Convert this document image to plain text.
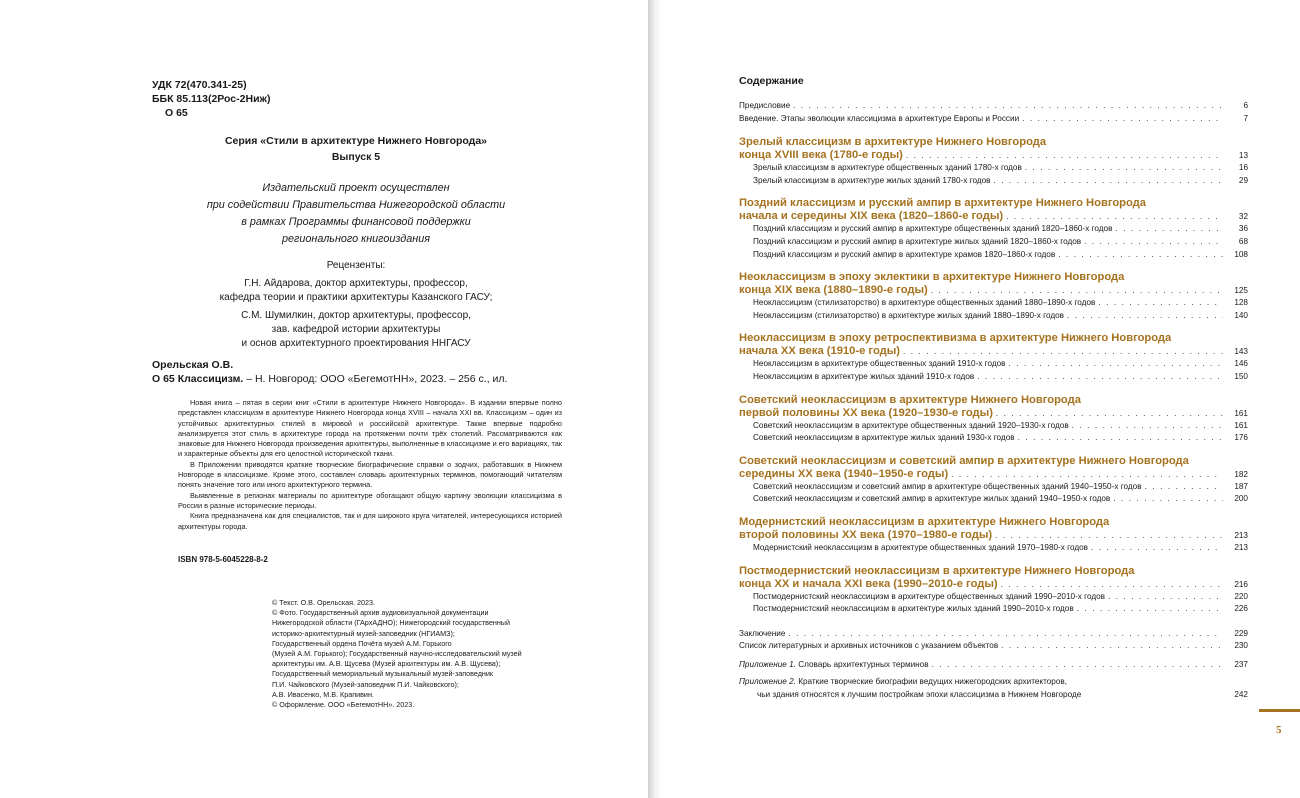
УДК 72(470.341-25)
ББК 85.113(2Рос-2Ниж)
О 65
Серия «Стили в архитектуре Нижнего Новгорода»
Выпуск 5
Издательский проект осуществлен
при содействии Правительства Нижегородской области
в рамках Программы финансовой поддержки
регионального книгоиздания
Рецензенты:
Г.Н. Айдарова, доктор архитектуры, профессор,
кафедра теории и практики архитектуры Казанского ГАСУ;
С.М. Шумилкин, доктор архитектуры, профессор,
зав. кафедрой истории архитектуры
и основ архитектурного проектирования ННГАСУ
Орельская О.В.
О 65 Классицизм. – Н. Новгород: ООО «БегемотНН», 2023. – 256 с., ил.

Новая книга – пятая в серии книг «Стили в архитектуре Нижнего Новгорода». В издании впервые полно представлен классицизм в архитектуре Нижнего Новгорода конца XVIII – начала XXI вв. Классицизм – один из устойчивых архитектурных стилей в мировой и российской архитектуре. Также впервые подробно анализируется этот стиль в архитектуре города на протяжении почти трёх столетий. Рассматриваются как знаковые для Нижнего Новгорода произведения архитектуры, выполненные в классицизме и его вариациях, так и характерные объекты для его целостной исторической ткани.

В Приложении приводятся краткие творческие биографические справки о зодчих, работавших в Нижнем Новгороде в классицизме. Кроме этого, составлен словарь архитектурных терминов, помогающий читателям понять значение того или иного архитектурного термина.

Выявленные в регионах материалы по архитектуре обогащают общую картину эволюции классицизма в России в разные исторические периоды.

Книга предназначена как для специалистов, так и для широкого круга читателей, интересующихся историей архитектуры города.

ISBN 978-5-6045228-8-2
© Текст. О.В. Орельская. 2023.
© Фото. Государственный архив аудиовизуальной документации
Нижегородской области (ГАрхАДНО); Нижегородский государственный
историко-архитектурный музей-заповедник (НГИАМЗ);
Государственный ордена Почёта музей А.М. Горького
(Музей А.М. Горького); Государственный научно-исследовательский музей
архитектуры им. А.В. Щусева (Музей архитектуры им. А.В. Щусева);
Государственный мемориальный музыкальный музей-заповедник
П.И. Чайковского (Музей-заповедник П.И. Чайковского);
А.В. Ивасенко, М.В. Крапивин.
© Оформление. ООО «БегемотНН». 2023.
Содержание
Предисловие . . .	6
Введение. Этапы эволюции классицизма в архитектуре Европы и России . . .	7
Зрелый классицизм в архитектуре Нижнего Новгорода
конца XVIII века (1780-е годы) . . .	13
Зрелый классицизм в архитектуре общественных зданий 1780-х годов . . .	16
Зрелый классицизм в архитектуре жилых зданий 1780-х годов . . .	29
Поздний классицизм и русский ампир в архитектуре Нижнего Новгорода
начала и середины XIX века (1820–1860-е годы) . . .	32
Поздний классицизм и русский ампир в архитектуре общественных зданий 1820–1860-х годов . . .	36
Поздний классицизм и русский ампир в архитектуре жилых зданий 1820–1860-х годов . . .	68
Поздний классицизм и русский ампир в архитектуре храмов 1820–1860-х годов . . .	108
Неоклассицизм в эпоху эклектики в архитектуре Нижнего Новгорода
конца XIX века (1880–1890-е годы) . . .	125
Неоклассицизм (стилизаторство) в архитектуре общественных зданий 1880–1890-х годов . . .	128
Неоклассицизм (стилизаторство) в архитектуре жилых зданий 1880–1890-х годов . . .	140
Неоклассицизм в эпоху ретроспективизма в архитектуре Нижнего Новгорода
начала XX века (1910-е годы) . . .	143
Неоклассицизм в архитектуре общественных зданий 1910-х годов . . .	146
Неоклассицизм в архитектуре жилых зданий 1910-х годов . . .	150
Советский неоклассицизм в архитектуре Нижнего Новгорода
первой половины XX века (1920–1930-е годы) . . .	161
Советский неоклассицизм в архитектуре общественных зданий 1920–1930-х годов . . .	161
Советский неоклассицизм в архитектуре жилых зданий 1930-х годов . . .	176
Советский неоклассицизм и советский ампир в архитектуре Нижнего Новгорода
середины XX века (1940–1950-е годы) . . .	182
Советский неоклассицизм и советский ампир в архитектуре общественных зданий 1940–1950-х годов . . .	187
Советский неоклассицизм и советский ампир в архитектуре жилых зданий 1940–1950-х годов . . .	200
Модернистский неоклассицизм в архитектуре Нижнего Новгорода
второй половины XX века (1970–1980-е годы) . . .	213
Модернистский неоклассицизм в архитектуре общественных зданий 1970–1980-х годов . . .	213
Постмодернистский неоклассицизм в архитектуре Нижнего Новгорода
конца XX и начала XXI века (1990–2010-е годы) . . .	216
Постмодернистский неоклассицизм в архитектуре общественных зданий 1990–2010-х годов . . .	220
Постмодернистский неоклассицизм в архитектуре жилых зданий 1990–2010-х годов . . .	226
Заключение . . .	229
Список литературных и архивных источников с указанием объектов . . .	230
Приложение 1. Словарь архитектурных терминов . . .	237
Приложение 2. Краткие творческие биографии ведущих нижегородских архитекторов,
чьи здания относятся к лучшим постройкам эпохи классицизма в Нижнем Новгороде	242
5
